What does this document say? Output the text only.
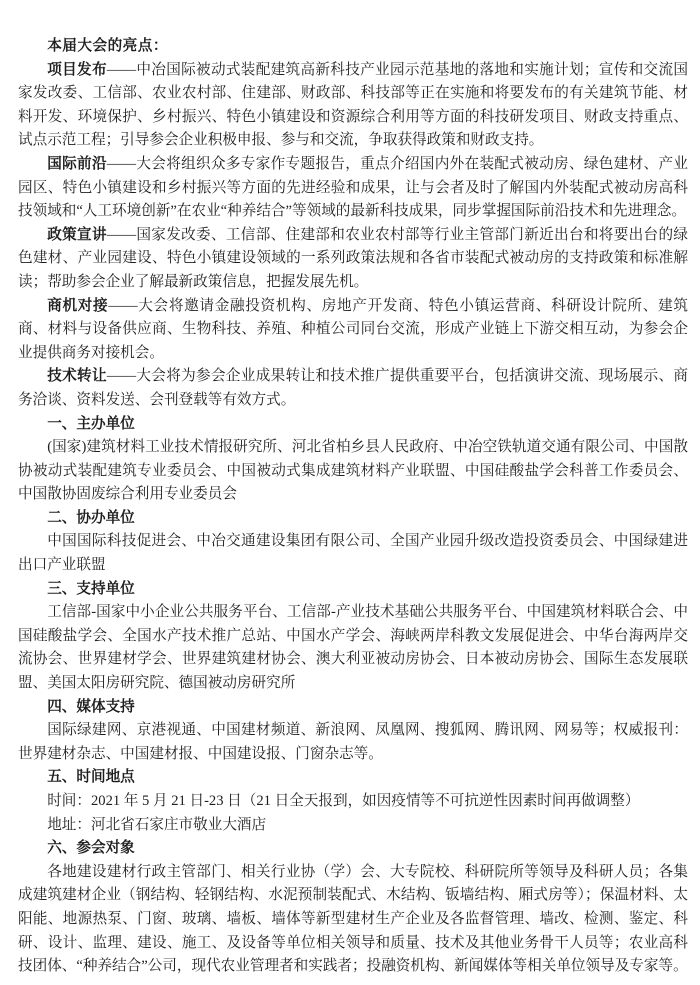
本届大会的亮点：

项目发布——中冶国际被动式装配建筑高新科技产业园示范基地的落地和实施计划；宣传和交流国家发改委、工信部、农业农村部、住建部、财政部、科技部等正在实施和将要发布的有关建筑节能、材料开发、环境保护、乡村振兴、特色小镇建设和资源综合利用等方面的科技研发项目、财政支持重点、试点示范工程；引导参会企业积极申报、参与和交流，争取获得政策和财政支持。

国际前沿——大会将组织众多专家作专题报告，重点介绍国内外在装配式被动房、绿色建材、产业园区、特色小镇建设和乡村振兴等方面的先进经验和成果，让与会者及时了解国内外装配式被动房高科技领域和“人工环境创新”在农业“种养结合”等领域的最新科技成果，同步掌握国际前沿技术和先进理念。

政策宣讲——国家发改委、工信部、住建部和农业农村部等行业主管部门新近出台和将要出台的绿色建材、产业园建设、特色小镇建设领域的一系列政策法规和各省市装配式被动房的支持政策和标准解读；帮助参会企业了解最新政策信息，把握发展先机。

商机对接——大会将邀请金融投资机构、房地产开发商、特色小镇运营商、科研设计院所、建筑商、材料与设备供应商、生物科技、养殖、种植公司同台交流，形成产业链上下游交相互动，为参会企业提供商务对接机会。

技术转让——大会将为参会企业成果转让和技术推广提供重要平台，包括演讲交流、现场展示、商务洽谈、资料发送、会刊登载等有效方式。

一、主办单位

(国家)建筑材料工业技术情报研究所、河北省柏乡县人民政府、中冶空铁轨道交通有限公司、中国散协被动式装配建筑专业委员会、中国被动式集成建筑材料产业联盟、中国硅酸盐学会科普工作委员会、中国散协固废综合利用专业委员会

二、协办单位

中国国际科技促进会、中冶交通建设集团有限公司、全国产业园升级改造投资委员会、中国绿建进出口产业联盟

三、支持单位

工信部-国家中小企业公共服务平台、工信部-产业技术基础公共服务平台、中国建筑材料联合会、中国硅酸盐学会、全国水产技术推广总站、中国水产学会、海峡两岸科教文发展促进会、中华台海两岸交流协会、世界建材学会、世界建筑建材协会、澳大利亚被动房协会、日本被动房协会、国际生态发展联盟、美国太阳房研究院、德国被动房研究所

四、媒体支持

国际绿建网、京港视通、中国建材频道、新浪网、凤凰网、搜狐网、腾讯网、网易等；权威报刊：世界建材杂志、中国建材报、中国建设报、门窗杂志等。

五、时间地点

时间：2021 年 5 月 21 日-23 日（21 日全天报到，如因疫情等不可抗逆性因素时间再做调整）

地址：河北省石家庄市敬业大酒店

六、参会对象

各地建设建材行政主管部门、相关行业协（学）会、大专院校、科研院所等领导及科研人员；各集成建筑建材企业（钢结构、轻钢结构、水泥预制装配式、木结构、钣墙结构、厢式房等）；保温材料、太阳能、地源热泵、门窗、玻璃、墙板、墙体等新型建材生产企业及各监督管理、墙改、检测、鉴定、科研、设计、监理、建设、施工、及设备等单位相关领导和质量、技术及其他业务骨干人员等；农业高科技团体、“种养结合”公司，现代农业管理者和实践者；投融资机构、新闻媒体等相关单位领导及专家等。
